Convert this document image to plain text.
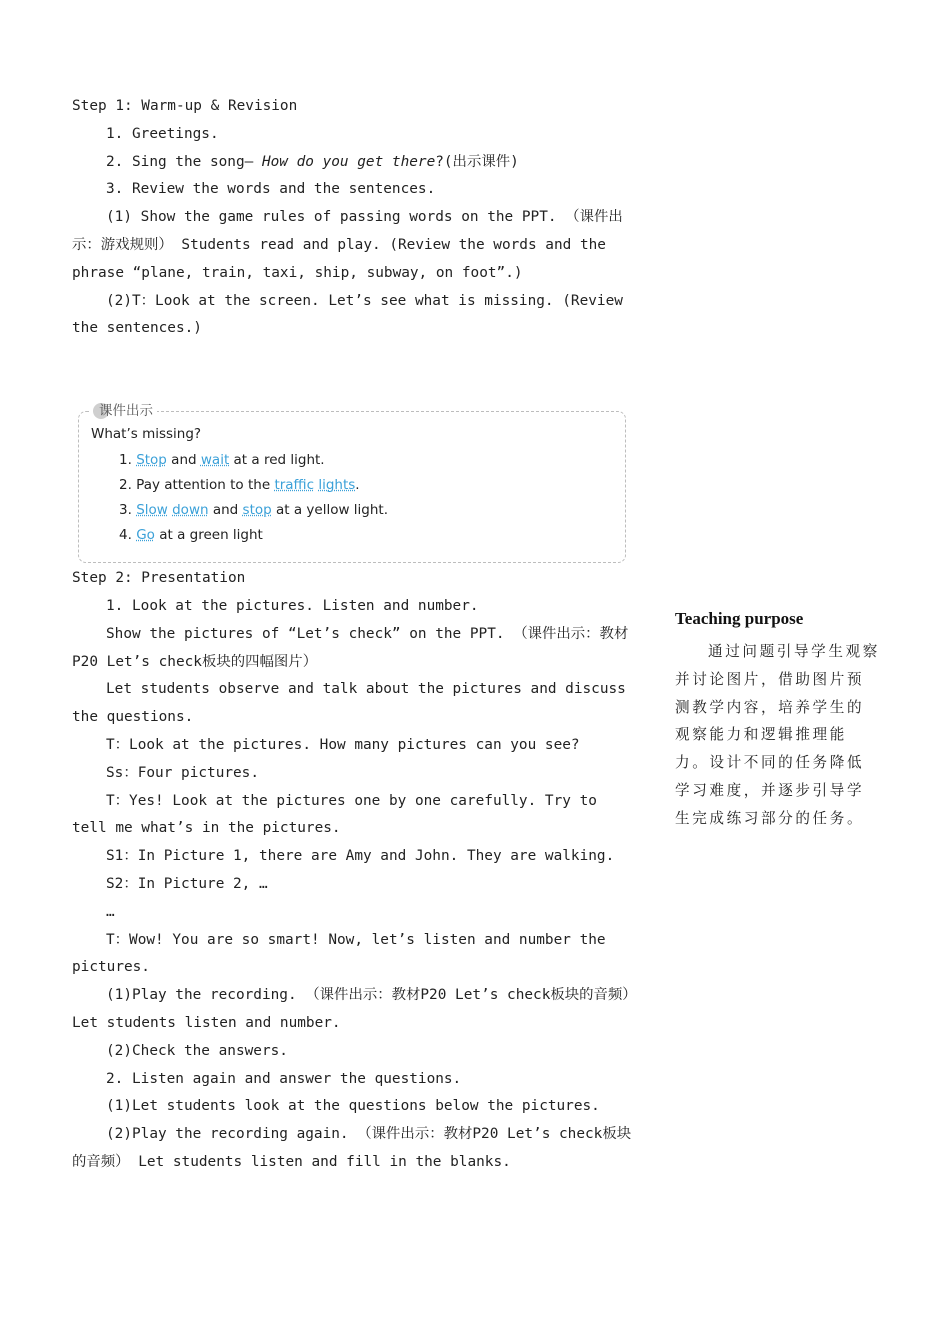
Step 1: Warm-up & Revision

1. Greetings.

2. Sing the song— How do you get there?(出示课件)

3. Review the words and the sentences.

(1) Show the game rules of passing words on the PPT. （课件出示：游戏规则） Students read and play. (Review the words and the phrase “plane, train, taxi, ship, subway, on foot”.)

(2)T：Look at the screen. Let’s see what is missing. (Review the sentences.)

课件出示
What’s missing?
1. Stop and wait at a red light.
2. Pay attention to the traffic lights.
3. Slow down and stop at a yellow light.
4. Go at a green light

Step 2: Presentation

1. Look at the pictures. Listen and number.

Show the pictures of “Let’s check” on the PPT. （课件出示：教材P20 Let’s check板块的四幅图片）

Let students observe and talk about the pictures and discuss the questions.

T：Look at the pictures. How many pictures can you see?

Ss：Four pictures.

T：Yes! Look at the pictures one by one carefully. Try to tell me what’s in the pictures.

S1：In Picture 1, there are Amy and John. They are walking.

S2：In Picture 2, …

…

T：Wow! You are so smart! Now, let’s listen and number the pictures.

(1)Play the recording. （课件出示：教材P20 Let’s check板块的音频）Let students listen and number.

(2)Check the answers.

2. Listen again and answer the questions.

(1)Let students look at the questions below the pictures.

(2)Play the recording again. （课件出示：教材P20 Let’s check板块的音频） Let students listen and fill in the blanks.

Teaching purpose

通过问题引导学生观察并讨论图片，借助图片预测教学内容，培养学生的观察能力和逻辑推理能力。设计不同的任务降低学习难度，并逐步引导学生完成练习部分的任务。
